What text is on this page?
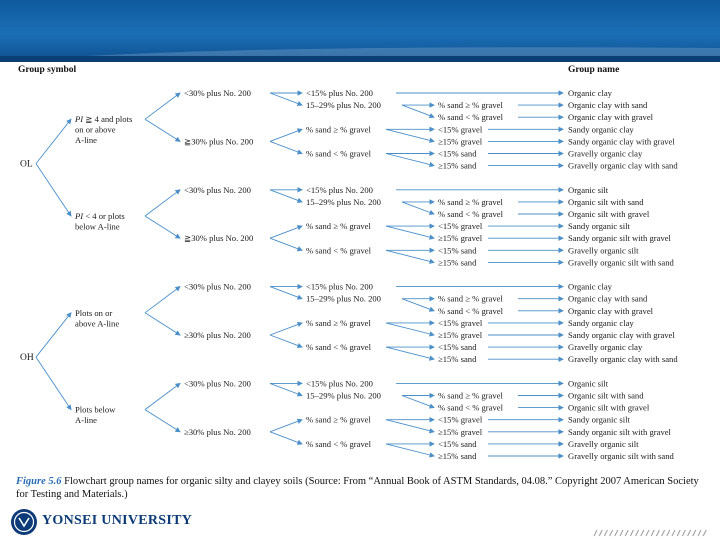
Group symbol	Group name
Organic clay
Organic clay with sand
Organic clay with gravel
Sandy organic clay
Sandy organic clay with gravel
Gravelly organic clay
Gravelly organic clay with sand
<30% plus No. 200
≧30% plus No. 200
PI ≧ 4 and plots
on or above
A-line
<15% plus No. 200
15–29% plus No. 200	% sand ≥ % gravel
% sand < % gravel
% sand ≥ % gravel
% sand < % gravel
<15% gravel
≥15% gravel
<15% sand
≥15% sand
Organic silt
Organic silt with sand
Organic silt with gravel
Sandy organic silt
Sandy organic silt with gravel
Gravelly organic silt
Gravelly organic silt with sand
<30% plus No. 200
≧30% plus No. 200
PI < 4 or plots
below A-line
<15% plus No. 200
15–29% plus No. 200	% sand ≥ % gravel
% sand < % gravel
% sand ≥ % gravel
% sand < % gravel
<15% gravel
≥15% gravel
<15% sand
≥15% sand
Organic clay
Organic clay with sand
Organic clay with gravel
Sandy organic clay
Sandy organic clay with gravel
Gravelly organic clay
Gravelly organic clay with sand
<30% plus No. 200
≥30% plus No. 200
Plots on or
above A-line
<15% plus No. 200
15–29% plus No. 200	% sand ≥ % gravel
% sand < % gravel
% sand ≥ % gravel
% sand < % gravel
<15% gravel
≥15% gravel
<15% sand
≥15% sand
Organic silt
Organic silt with sand
Organic silt with gravel
Sandy organic silt
Sandy organic silt with gravel
Gravelly organic silt
Gravelly organic silt with sand
<30% plus No. 200
≥30% plus No. 200
Plots below
A-line
<15% plus No. 200
15–29% plus No. 200	% sand ≥ % gravel
% sand < % gravel
% sand ≥ % gravel
% sand < % gravel
<15% gravel
≥15% gravel
<15% sand
≥15% sand
OL
OH
Figure 5.6 Flowchart group names for organic silty and clayey soils (Source: From “Annual Book of ASTM Standards, 04.08.” Copyright 2007 American Society for Testing and Materials.)
YONSEI UNIVERSITY
